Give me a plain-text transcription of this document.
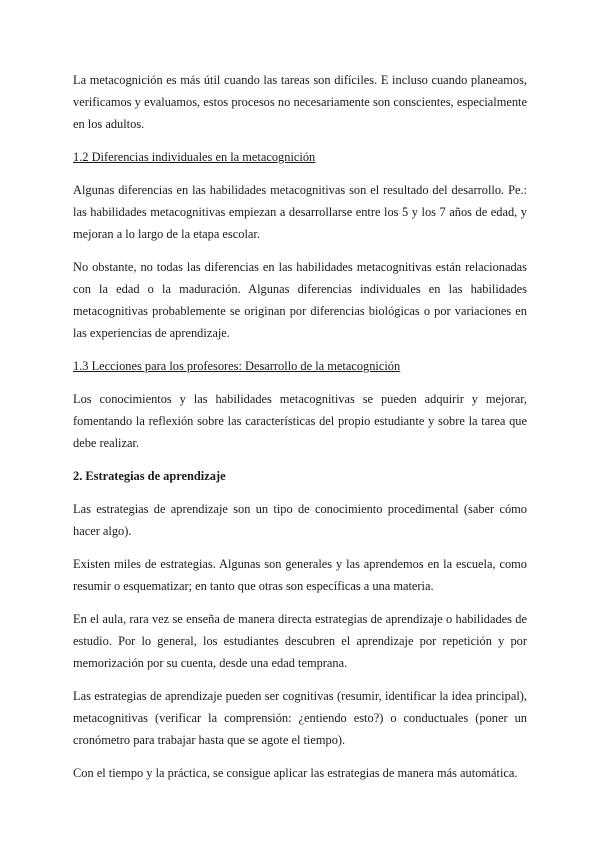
La metacognición es más útil cuando las tareas son difíciles. E incluso cuando planeamos, verificamos y evaluamos, estos procesos no necesariamente son conscientes, especialmente en los adultos.

1.2 Diferencias individuales en la metacognición

Algunas diferencias en las habilidades metacognitivas son el resultado del desarrollo. Pe.: las habilidades metacognitivas empiezan a desarrollarse entre los 5 y los 7 años de edad, y mejoran a lo largo de la etapa escolar.

No obstante, no todas las diferencias en las habilidades metacognitivas están relacionadas con la edad o la maduración. Algunas diferencias individuales en las habilidades metacognitivas probablemente se originan por diferencias biológicas o por variaciones en las experiencias de aprendizaje.

1.3 Lecciones para los profesores: Desarrollo de la metacognición

Los conocimientos y las habilidades metacognitivas se pueden adquirir y mejorar, fomentando la reflexión sobre las características del propio estudiante y sobre la tarea que debe realizar.

2. Estrategias de aprendizaje

Las estrategias de aprendizaje son un tipo de conocimiento procedimental (saber cómo hacer algo).

Existen miles de estrategias. Algunas son generales y las aprendemos en la escuela, como resumir o esquematizar; en tanto que otras son específicas a una materia.

En el aula, rara vez se enseña de manera directa estrategias de aprendizaje o habilidades de estudio. Por lo general, los estudiantes descubren el aprendizaje por repetición y por memorización por su cuenta, desde una edad temprana.

Las estrategias de aprendizaje pueden ser cognitivas (resumir, identificar la idea principal), metacognitivas (verificar la comprensión: ¿entiendo esto?) o conductuales (poner un cronómetro para trabajar hasta que se agote el tiempo).

Con el tiempo y la práctica, se consigue aplicar las estrategias de manera más automática.
